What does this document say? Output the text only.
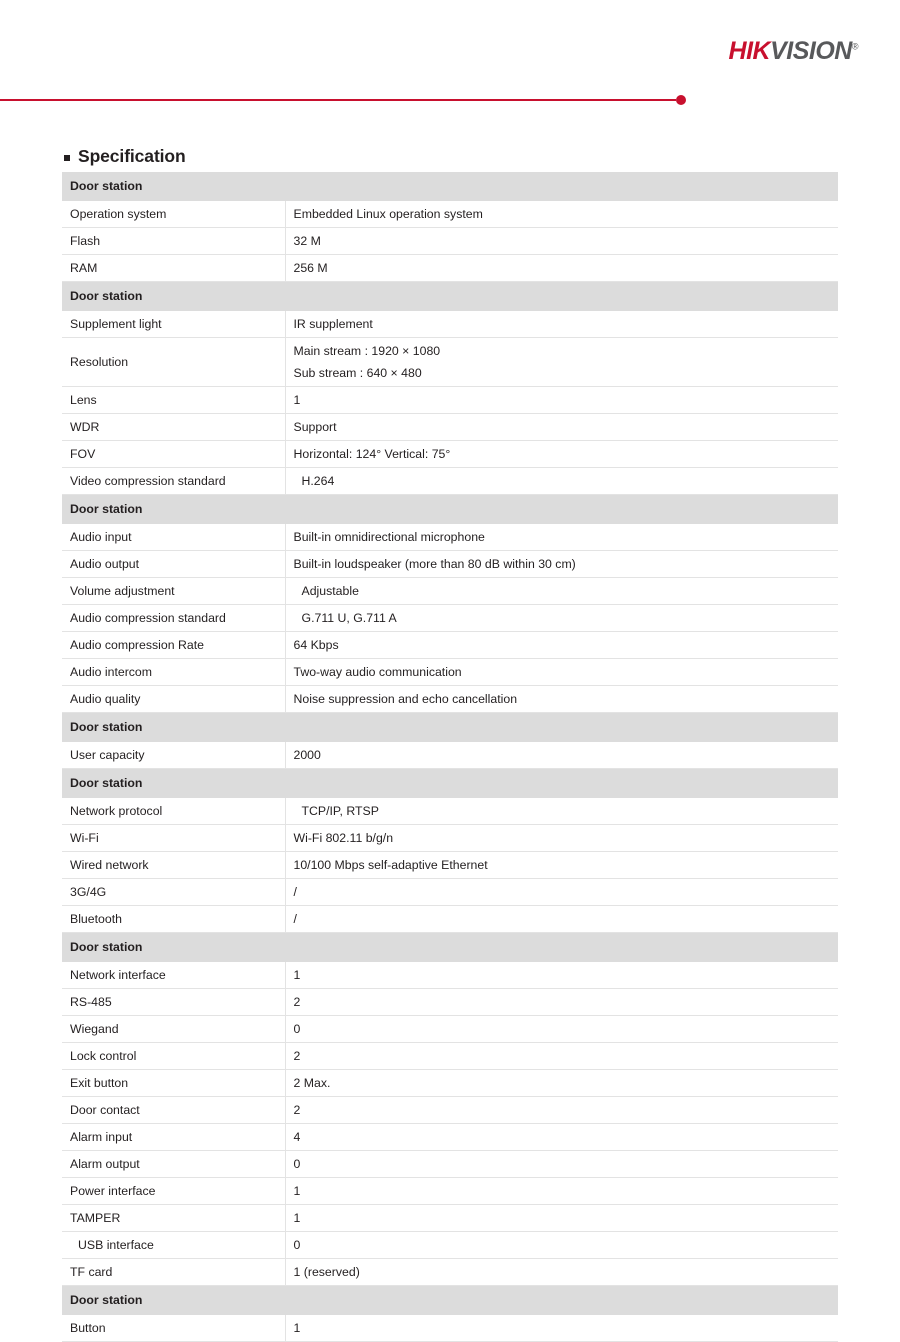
HIKVISION®
Specification
Door station	
Operation system	Embedded Linux operation system
Flash	32 M
RAM	256 M
Door station	
Supplement light	IR supplement
Resolution	Main stream : 1920 × 1080
Sub stream : 640 × 480

Lens	1
WDR	Support
FOV	Horizontal: 124° Vertical: 75°
Video compression standard	H.264
Door station	
Audio input	Built-in omnidirectional microphone
Audio output	Built-in loudspeaker (more than 80 dB within 30 cm)
Volume adjustment	Adjustable
Audio compression standard	G.711 U, G.711 A
Audio compression Rate	64 Kbps
Audio intercom	Two-way audio communication
Audio quality	Noise suppression and echo cancellation
Door station	
User capacity	2000
Door station	
Network protocol	TCP/IP, RTSP
Wi-Fi	Wi-Fi 802.11 b/g/n
Wired network	10/100 Mbps self-adaptive Ethernet
3G/4G	/
Bluetooth	/
Door station	
Network interface	1
RS-485	2
Wiegand	0
Lock control	2
Exit button	2 Max.
Door contact	2
Alarm input	4
Alarm output	0
Power interface	1
TAMPER	1
USB interface	0
TF card	1 (reserved)
Door station	
Button	1
